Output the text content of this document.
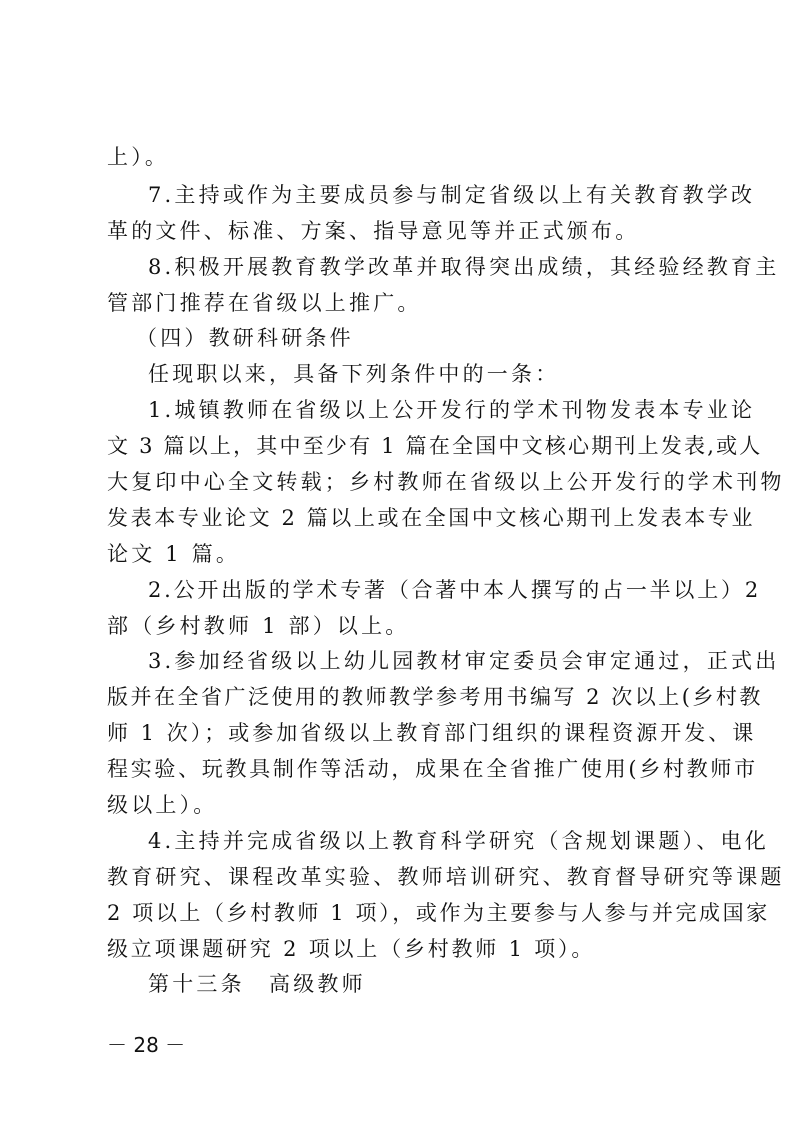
上）。
7.主持或作为主要成员参与制定省级以上有关教育教学改
革的文件、标准、方案、指导意见等并正式颁布。
8.积极开展教育教学改革并取得突出成绩，其经验经教育主
管部门推荐在省级以上推广。
（四）教研科研条件
任现职以来，具备下列条件中的一条：
1.城镇教师在省级以上公开发行的学术刊物发表本专业论
文 3 篇以上，其中至少有 1 篇在全国中文核心期刊上发表,或人
大复印中心全文转载；乡村教师在省级以上公开发行的学术刊物
发表本专业论文 2 篇以上或在全国中文核心期刊上发表本专业
论文 1 篇。
2.公开出版的学术专著（合著中本人撰写的占一半以上）2
部（乡村教师 1 部）以上。
3.参加经省级以上幼儿园教材审定委员会审定通过，正式出
版并在全省广泛使用的教师教学参考用书编写 2 次以上(乡村教
师 1 次）；或参加省级以上教育部门组织的课程资源开发、课
程实验、玩教具制作等活动，成果在全省推广使用(乡村教师市
级以上）。
4.主持并完成省级以上教育科学研究（含规划课题）、电化
教育研究、课程改革实验、教师培训研究、教育督导研究等课题
2 项以上（乡村教师 1 项），或作为主要参与人参与并完成国家
级立项课题研究 2 项以上（乡村教师 1 项）。
第十三条　高级教师
－ 28 －
